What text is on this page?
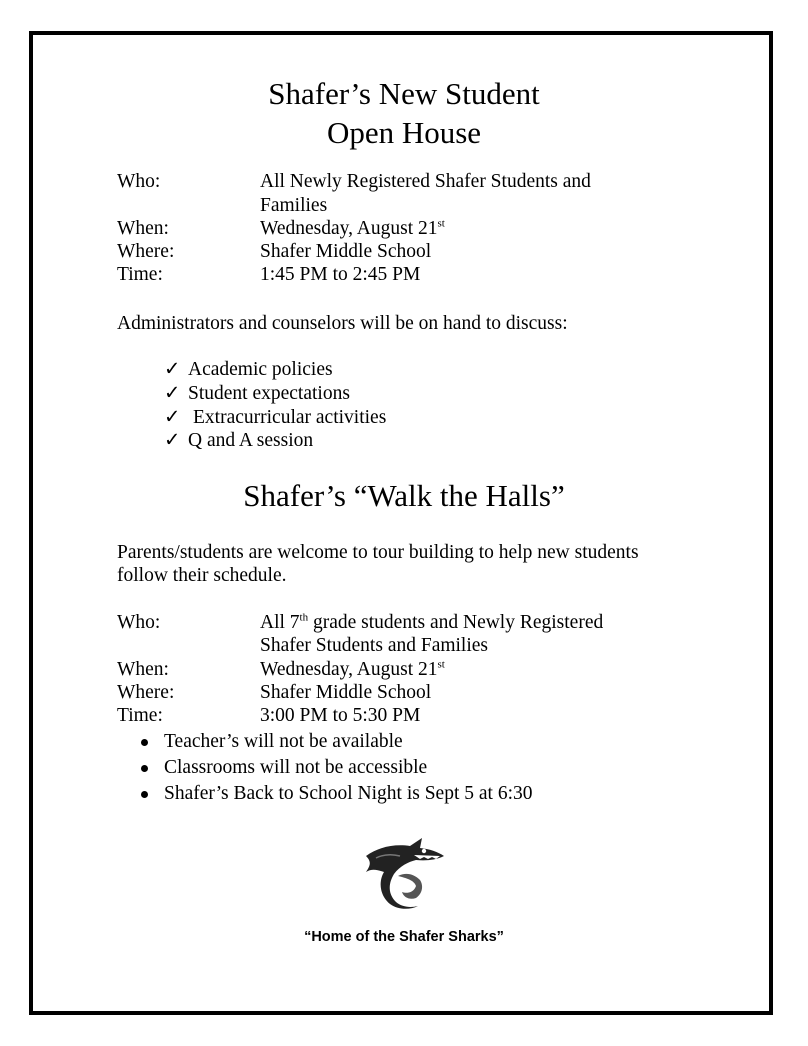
Shafer’s New Student
Open House
Who:	All Newly Registered Shafer Students and
Families
When:	Wednesday, August 21st
Where:	Shafer Middle School
Time:	1:45 PM to 2:45 PM
Administrators and counselors will be on hand to discuss:
✓ Academic policies
✓ Student expectations
✓ Extracurricular activities
✓ Q and A session
Shafer’s “Walk the Halls”
Parents/students are welcome to tour building to help new students
follow their schedule.
Who:	All 7th grade students and Newly Registered
Shafer Students and Families
When:	Wednesday, August 21st
Where:	Shafer Middle School
Time:	3:00 PM to 5:30 PM
Teacher’s will not be available
Classrooms will not be accessible
Shafer’s Back to School Night is Sept 5 at 6:30
“Home of the Shafer Sharks”
